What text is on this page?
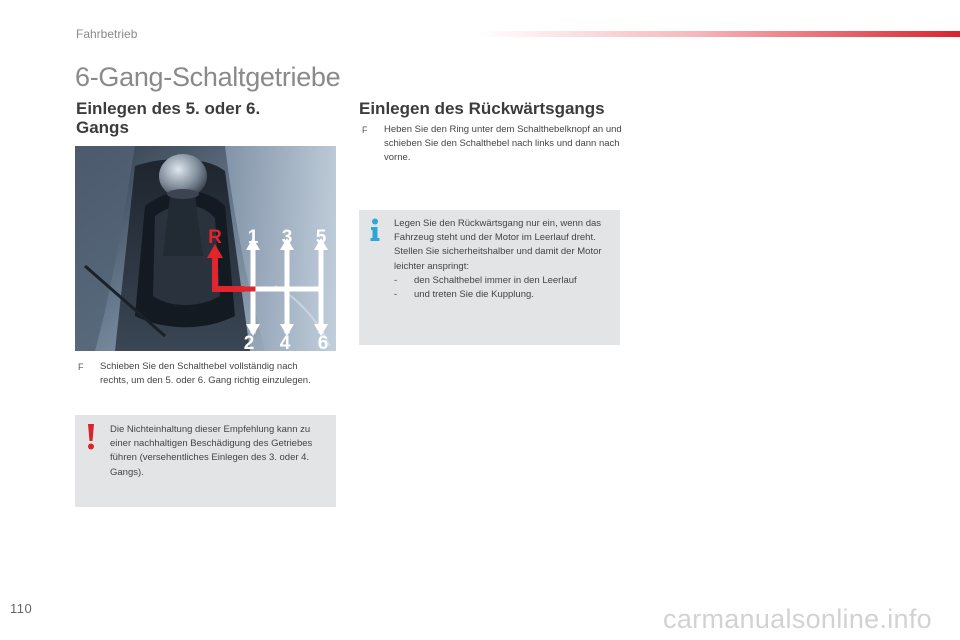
Fahrbetrieb
6-Gang-Schaltgetriebe
Einlegen des 5. oder 6. Gangs
R 1 3 5
2 4 6
F	Schieben Sie den Schalthebel vollständig nach rechts, um den 5. oder 6. Gang richtig einzulegen.

Die Nichteinhaltung dieser Empfehlung kann zu einer nachhaltigen Beschädigung des Getriebes führen (versehentliches Einlegen des 3. oder 4. Gangs).

Einlegen des Rückwärtsgangs
F	Heben Sie den Ring unter dem Schalthebelknopf an und schieben Sie den Schalthebel nach links und dann nach vorne.

Legen Sie den Rückwärtsgang nur ein, wenn das Fahrzeug steht und der Motor im Leerlauf dreht.

Stellen Sie sicherheitshalber und damit der Motor leichter anspringt:

- den Schalthebel immer in den Leerlauf
- und treten Sie die Kupplung.
110	carmanualsonline.info
